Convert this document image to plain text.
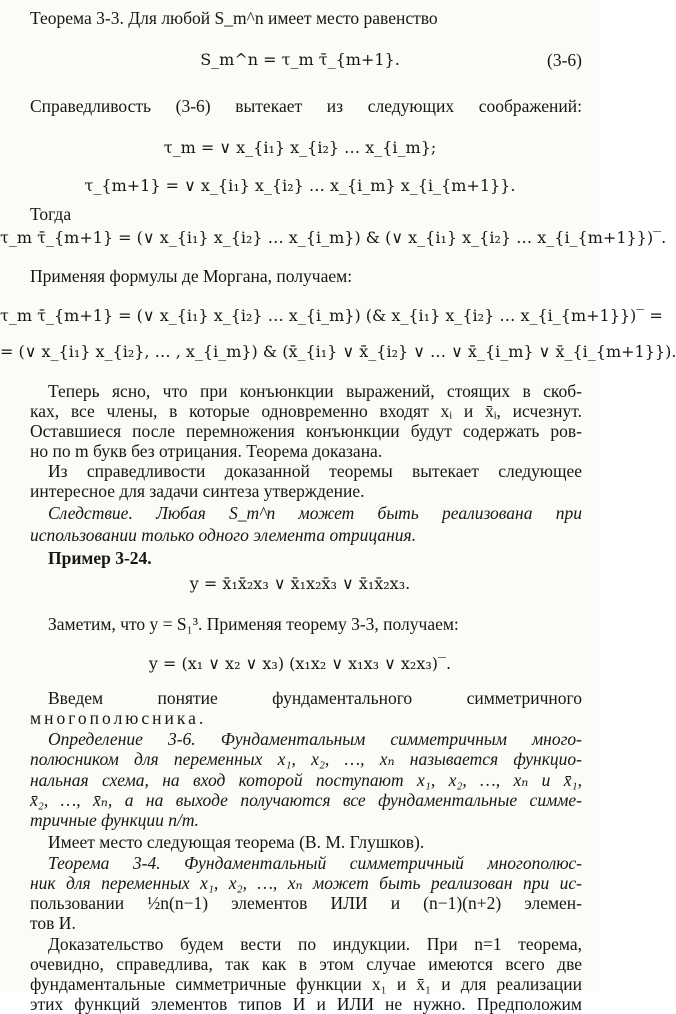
Теорема 3-3. Для любой S_m^n имеет место равенство
S_m^n = τ_m τ̄_{m+1}.	(3-6)
Справедливость (3-6) вытекает из следующих соображений:
τ_m = ∨ x_{i₁} x_{i₂} … x_{i_m};
τ_{m+1} = ∨ x_{i₁} x_{i₂} … x_{i_m} x_{i_{m+1}}.
Тогда
τ_m τ̄_{m+1} = (∨ x_{i₁} x_{i₂} … x_{i_m}) & (∨ x_{i₁} x_{i₂} … x_{i_{m+1}})‾.
Применяя формулы де Моргана, получаем:
τ_m τ̄_{m+1} = (∨ x_{i₁} x_{i₂} … x_{i_m}) (& x_{i₁} x_{i₂} … x_{i_{m+1}})‾ =
= (∨ x_{i₁} x_{i₂}, … , x_{i_m}) & (x̄_{i₁} ∨ x̄_{i₂} ∨ … ∨ x̄_{i_m} ∨ x̄_{i_{m+1}}).
Теперь ясно, что при конъюнкции выражений, стоящих в скоб-
ках, все члены, в которые одновременно входят xᵢ и x̄ᵢ, исчезнут.
Оставшиеся после перемножения конъюнкции будут содержать ров-
но по m букв без отрицания. Теорема доказана.
Из справедливости доказанной теоремы вытекает следующее
интересное для задачи синтеза утверждение.
Следствие. Любая S_m^n может быть реализована при
использовании только одного элемента отрицания.
Пример 3-24.
y = x̄₁x̄₂x₃ ∨ x̄₁x₂x̄₃ ∨ x̄₁x̄₂x₃.
Заметим, что y = S₁³. Применяя теорему 3-3, получаем:
y = (x₁ ∨ x₂ ∨ x₃) (x₁x₂ ∨ x₁x₃ ∨ x₂x₃)‾.
Введем понятие фундаментального симметричного
многополюсника.
Определение 3-6. Фундаментальным симметричным много-
полюсником для переменных x₁, x₂, …, xₙ называется функцио-
нальная схема, на вход которой поступают x₁, x₂, …, xₙ и x̄₁,
x̄₂, …, x̄ₙ, а на выходе получаются все фундаментальные симме-
тричные функции n/m.
Имеет место следующая теорема (В. М. Глушков).
Теорема 3-4. Фундаментальный симметричный многополюс-
ник для переменных x₁, x₂, …, xₙ может быть реализован при ис-
пользовании ½n(n−1) элементов ИЛИ и (n−1)(n+2) элемен-
тов И.
Доказательство будем вести по индукции. При n=1 теорема,
очевидно, справедлива, так как в этом случае имеются всего две
фундаментальные симметричные функции x₁ и x̄₁ и для реализации
этих функций элементов типов И и ИЛИ не нужно. Предположим
